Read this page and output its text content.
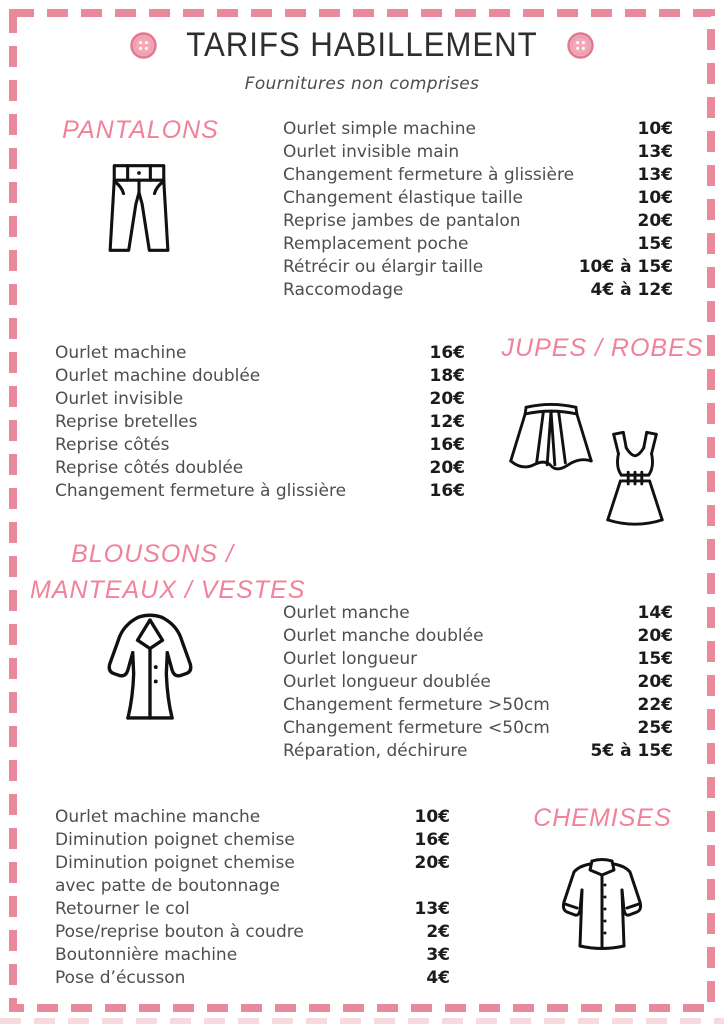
TARIFS HABILLEMENT
Fournitures non comprises
PANTALONS	Ourlet simple machine	10€
Ourlet invisible main	13€
Changement fermeture à glissière	13€
Changement élastique taille	10€
Reprise jambes de pantalon	20€
Remplacement poche	15€
Rétrécir ou élargir taille	10€ à 15€
Raccomodage	4€ à 12€
Ourlet machine	16€
Ourlet machine doublée	18€
Ourlet invisible	20€
Reprise bretelles	12€
Reprise côtés	16€
Reprise côtés doublée	20€
Changement fermeture à glissière	16€
JUPES / ROBES
BLOUSONS /
MANTEAUX / VESTES
Ourlet manche	14€
Ourlet manche doublée	20€
Ourlet longueur	15€
Ourlet longueur doublée	20€
Changement fermeture >50cm	22€
Changement fermeture <50cm	25€
Réparation, déchirure	5€ à 15€
Ourlet machine manche	10€
Diminution poignet chemise	16€
Diminution poignet chemise	20€
avec patte de boutonnage
Retourner le col	13€
Pose/reprise bouton à coudre	2€
Boutonnière machine	3€
Pose d’écusson	4€
CHEMISES
